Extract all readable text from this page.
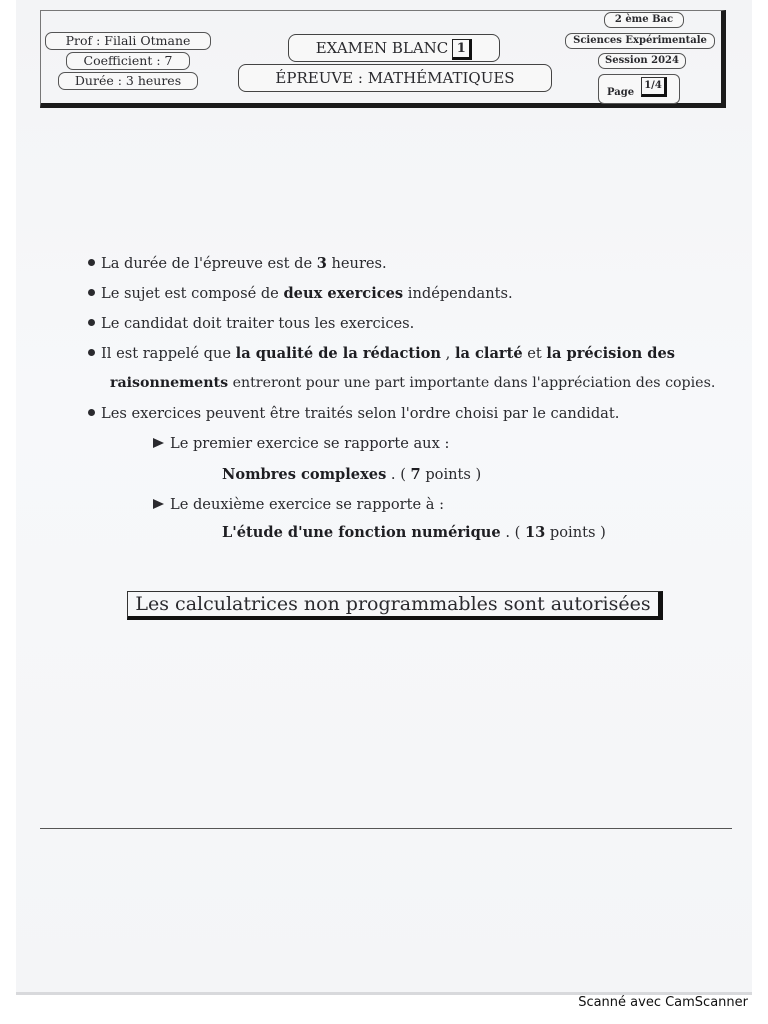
Prof : Filali Otmane
Coefficient : 7
Durée : 3 heures
EXAMEN BLANC 1
ÉPREUVE : MATHÉMATIQUES
2 ème Bac
Sciences Expérimentale
Session 2024
Page
1/4
La durée de l'épreuve est de 3 heures.
Le sujet est composé de deux exercices indépendants.
Le candidat doit traiter tous les exercices.
Il est rappelé que la qualité de la rédaction , la clarté et la précision des
raisonnements entreront pour une part importante dans l'appréciation des copies.
Les exercices peuvent être traités selon l'ordre choisi par le candidat.
Le premier exercice se rapporte aux :
Nombres complexes . ( 7 points )
Le deuxième exercice se rapporte à :
L'étude d'une fonction numérique . ( 13 points )
Les calculatrices non programmables sont autorisées
Scanné avec CamScanner
